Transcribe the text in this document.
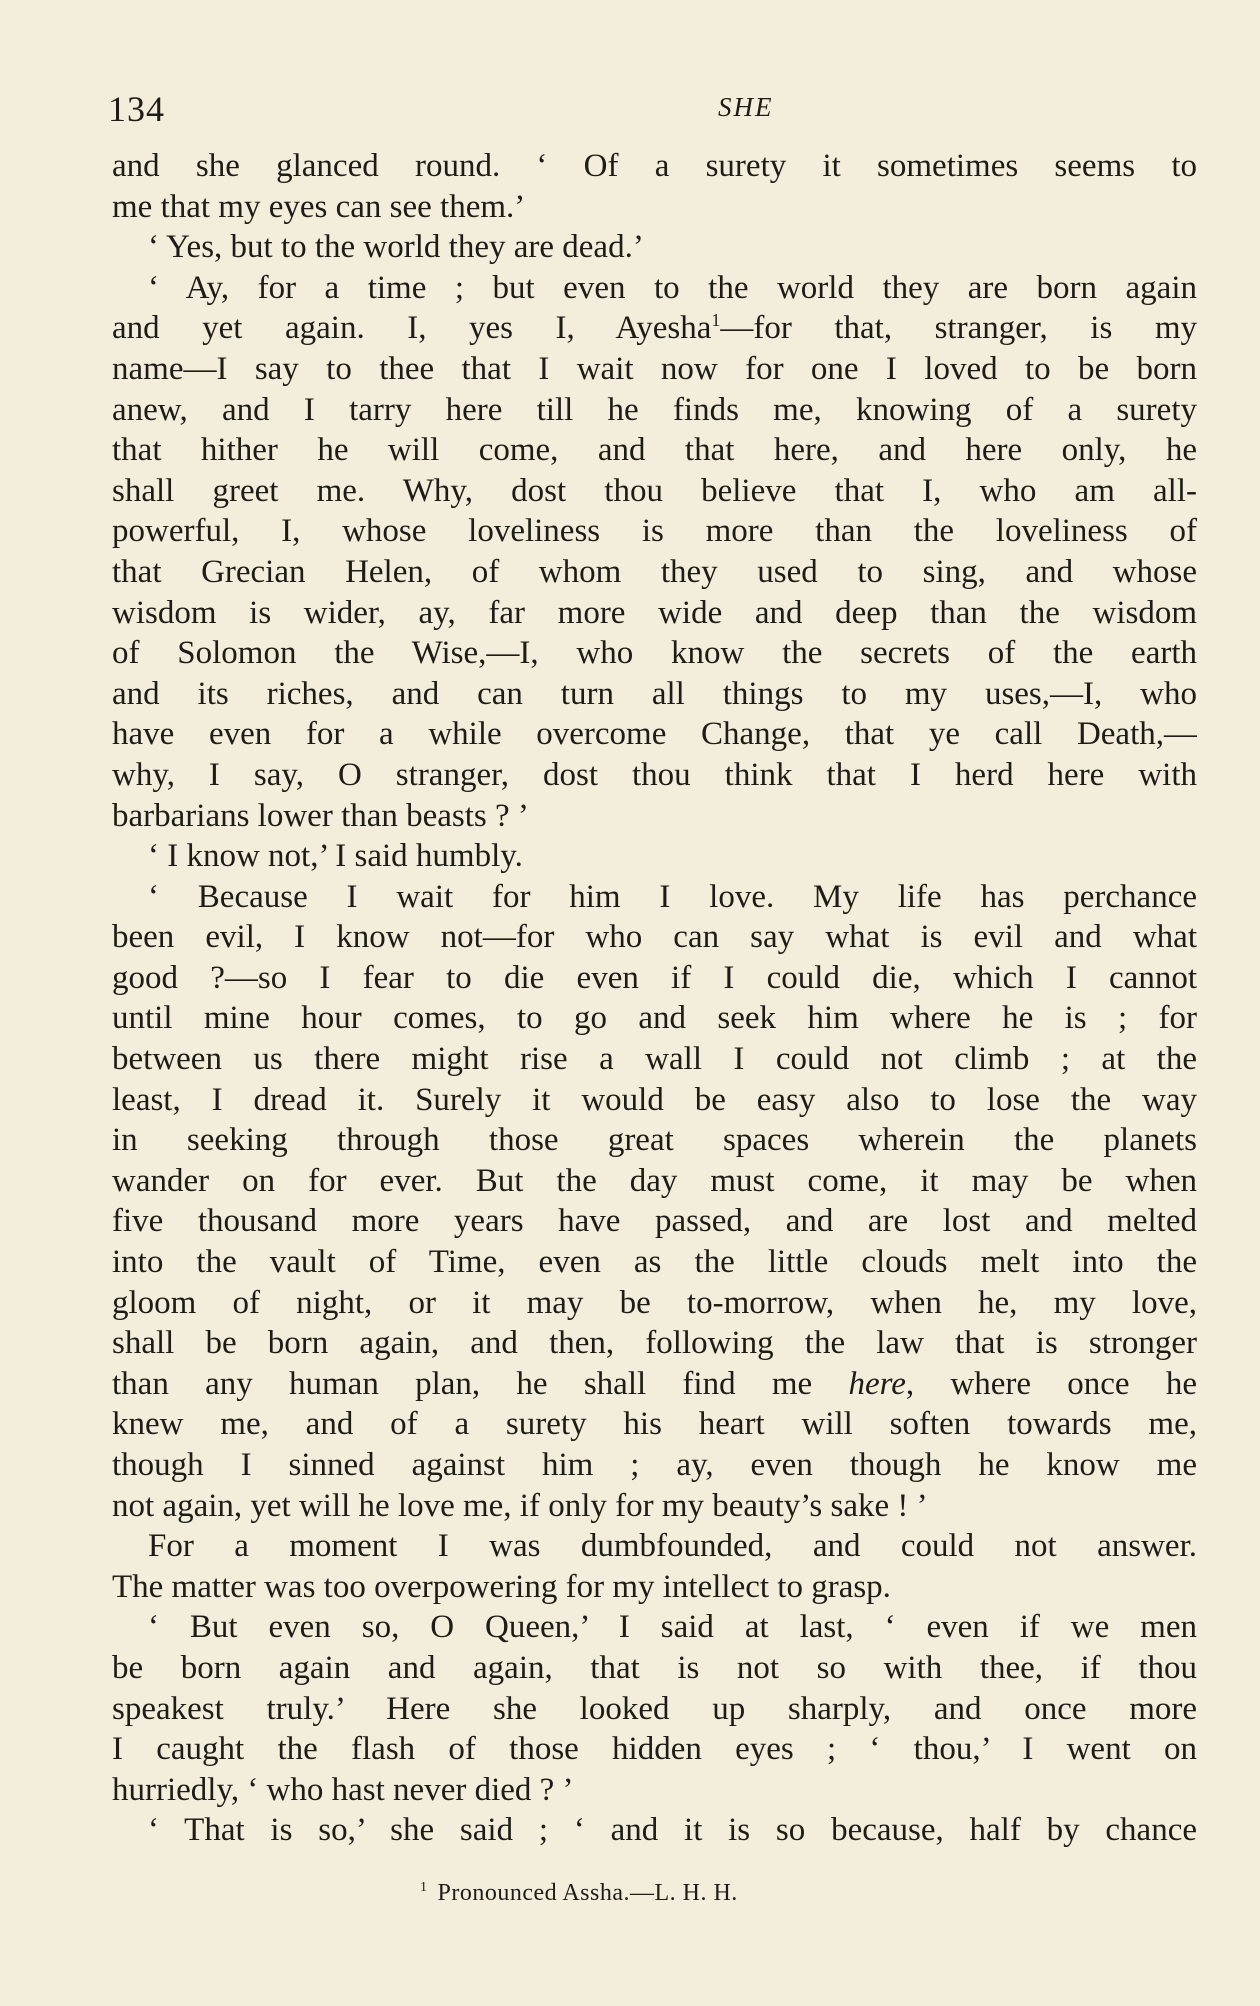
134	SHE
and she glanced round. ‘ Of a surety it sometimes seems to
me that my eyes can see them.’
‘ Yes, but to the world they are dead.’
‘ Ay, for a time ; but even to the world they are born again
and yet again. I, yes I, Ayesha$^1$—for that, stranger, is my
name—I say to thee that I wait now for one I loved to be born
anew, and I tarry here till he finds me, knowing of a surety
that hither he will come, and that here, and here only, he
shall greet me. Why, dost thou believe that I, who am all-
powerful, I, whose loveliness is more than the loveliness of
that Grecian Helen, of whom they used to sing, and whose
wisdom is wider, ay, far more wide and deep than the wisdom
of Solomon the Wise,—I, who know the secrets of the earth
and its riches, and can turn all things to my uses,—I, who
have even for a while overcome Change, that ye call Death,—
why, I say, O stranger, dost thou think that I herd here with
barbarians lower than beasts ? ’
‘ I know not,’ I said humbly.
‘ Because I wait for him I love. My life has perchance
been evil, I know not—for who can say what is evil and what
good ?—so I fear to die even if I could die, which I cannot
until mine hour comes, to go and seek him where he is ; for
between us there might rise a wall I could not climb ; at the
least, I dread it. Surely it would be easy also to lose the way
in seeking through those great spaces wherein the planets
wander on for ever. But the day must come, it may be when
five thousand more years have passed, and are lost and melted
into the vault of Time, even as the little clouds melt into the
gloom of night, or it may be to-morrow, when he, my love,
shall be born again, and then, following the law that is stronger
than any human plan, he shall find me here, where once he
knew me, and of a surety his heart will soften towards me,
though I sinned against him ; ay, even though he know me
not again, yet will he love me, if only for my beauty’s sake ! ’
For a moment I was dumbfounded, and could not answer.
The matter was too overpowering for my intellect to grasp.
‘ But even so, O Queen,’ I said at last, ‘ even if we men
be born again and again, that is not so with thee, if thou
speakest truly.’ Here she looked up sharply, and once more
I caught the flash of those hidden eyes ; ‘ thou,’ I went on
hurriedly, ‘ who hast never died ? ’
‘ That is so,’ she said ; ‘ and it is so because, half by chance
$^1$ Pronounced Assha.—L. H. H.
